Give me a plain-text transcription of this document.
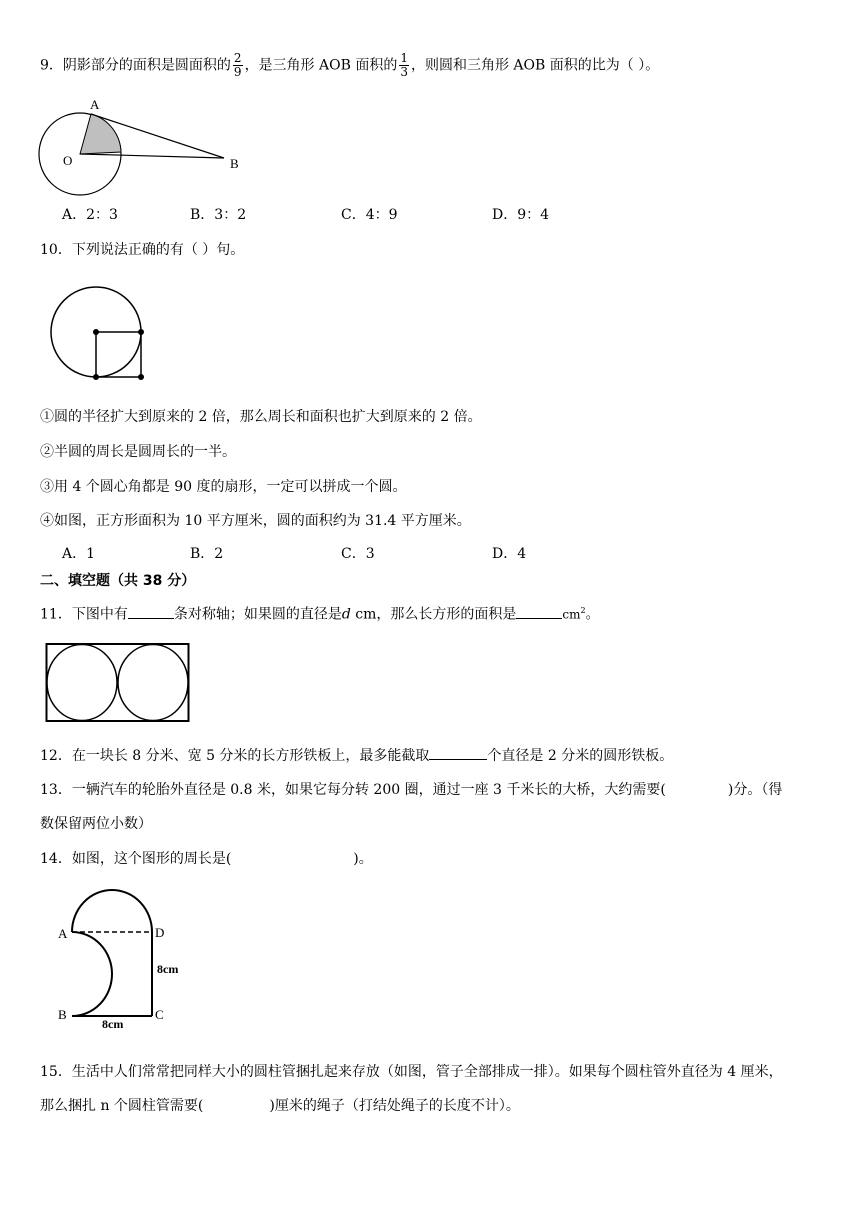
9．阴影部分的面积是圆面积的 $\frac{2}{9}$ ，是三角形 AOB 面积的 $\frac{1}{3}$ ，则圆和三角形 AOB 面积的比为（ ）。
A
O	B
A．2：3	B．3：2	C．4：9	D．9：4
10．下列说法正确的有（ ）句。
①圆的半径扩大到原来的 2 倍，那么周长和面积也扩大到原来的 2 倍。
②半圆的周长是圆周长的一半。
③用 4 个圆心角都是 90 度的扇形，一定可以拼成一个圆。
④如图，正方形面积为 10 平方厘米，圆的面积约为 31.4 平方厘米。
A．1	B．2	C．3	D．4
二、填空题（共 38 分）
11．下图中有	条对称轴；如果圆的直径是d cm，那么长方形的面积是	$cm^2$。
12．在一块长 8 分米、宽 5 分米的长方形铁板上，最多能截取	个直径是 2 分米的圆形铁板。
13．一辆汽车的轮胎外直径是 0.8 米，如果它每分转 200 圈，通过一座 3 千米长的大桥，大约需要(	)分。（得
数保留两位小数）
14．如图，这个图形的周长是(	)。
A	D
8cm
B	C
8cm
15．生活中人们常常把同样大小的圆柱管捆扎起来存放（如图，管子全部排成一排）。如果每个圆柱管外直径为 4 厘米，
那么捆扎 n 个圆柱管需要(	)厘米的绳子（打结处绳子的长度不计）。
